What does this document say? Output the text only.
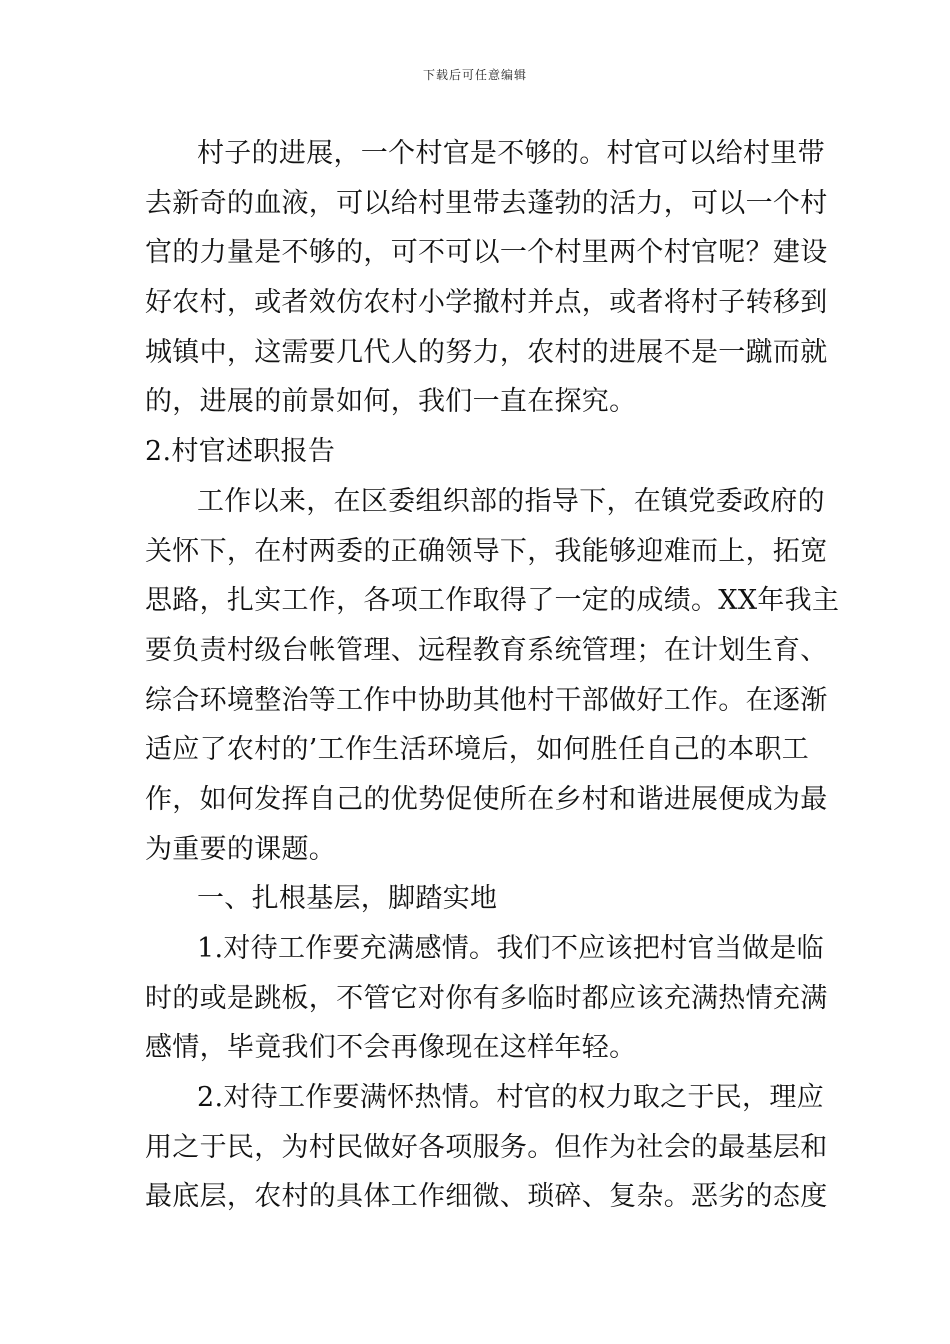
下载后可任意编辑
村子的进展，一个村官是不够的。村官可以给村里带
去新奇的血液，可以给村里带去蓬勃的活力，可以一个村
官的力量是不够的，可不可以一个村里两个村官呢？建设
好农村，或者效仿农村小学撤村并点，或者将村子转移到
城镇中，这需要几代人的努力，农村的进展不是一蹴而就
的，进展的前景如何，我们一直在探究。
2.村官述职报告
工作以来，在区委组织部的指导下，在镇党委政府的
关怀下，在村两委的正确领导下，我能够迎难而上，拓宽
思路，扎实工作，各项工作取得了一定的成绩。XX年我主
要负责村级台帐管理、远程教育系统管理；在计划生育、
综合环境整治等工作中协助其他村干部做好工作。在逐渐
适应了农村的’工作生活环境后，如何胜任自己的本职工
作，如何发挥自己的优势促使所在乡村和谐进展便成为最
为重要的课题。
一、扎根基层，脚踏实地
1.对待工作要充满感情。我们不应该把村官当做是临
时的或是跳板，不管它对你有多临时都应该充满热情充满
感情，毕竟我们不会再像现在这样年轻。
2.对待工作要满怀热情。村官的权力取之于民，理应
用之于民，为村民做好各项服务。但作为社会的最基层和
最底层，农村的具体工作细微、琐碎、复杂。恶劣的态度
